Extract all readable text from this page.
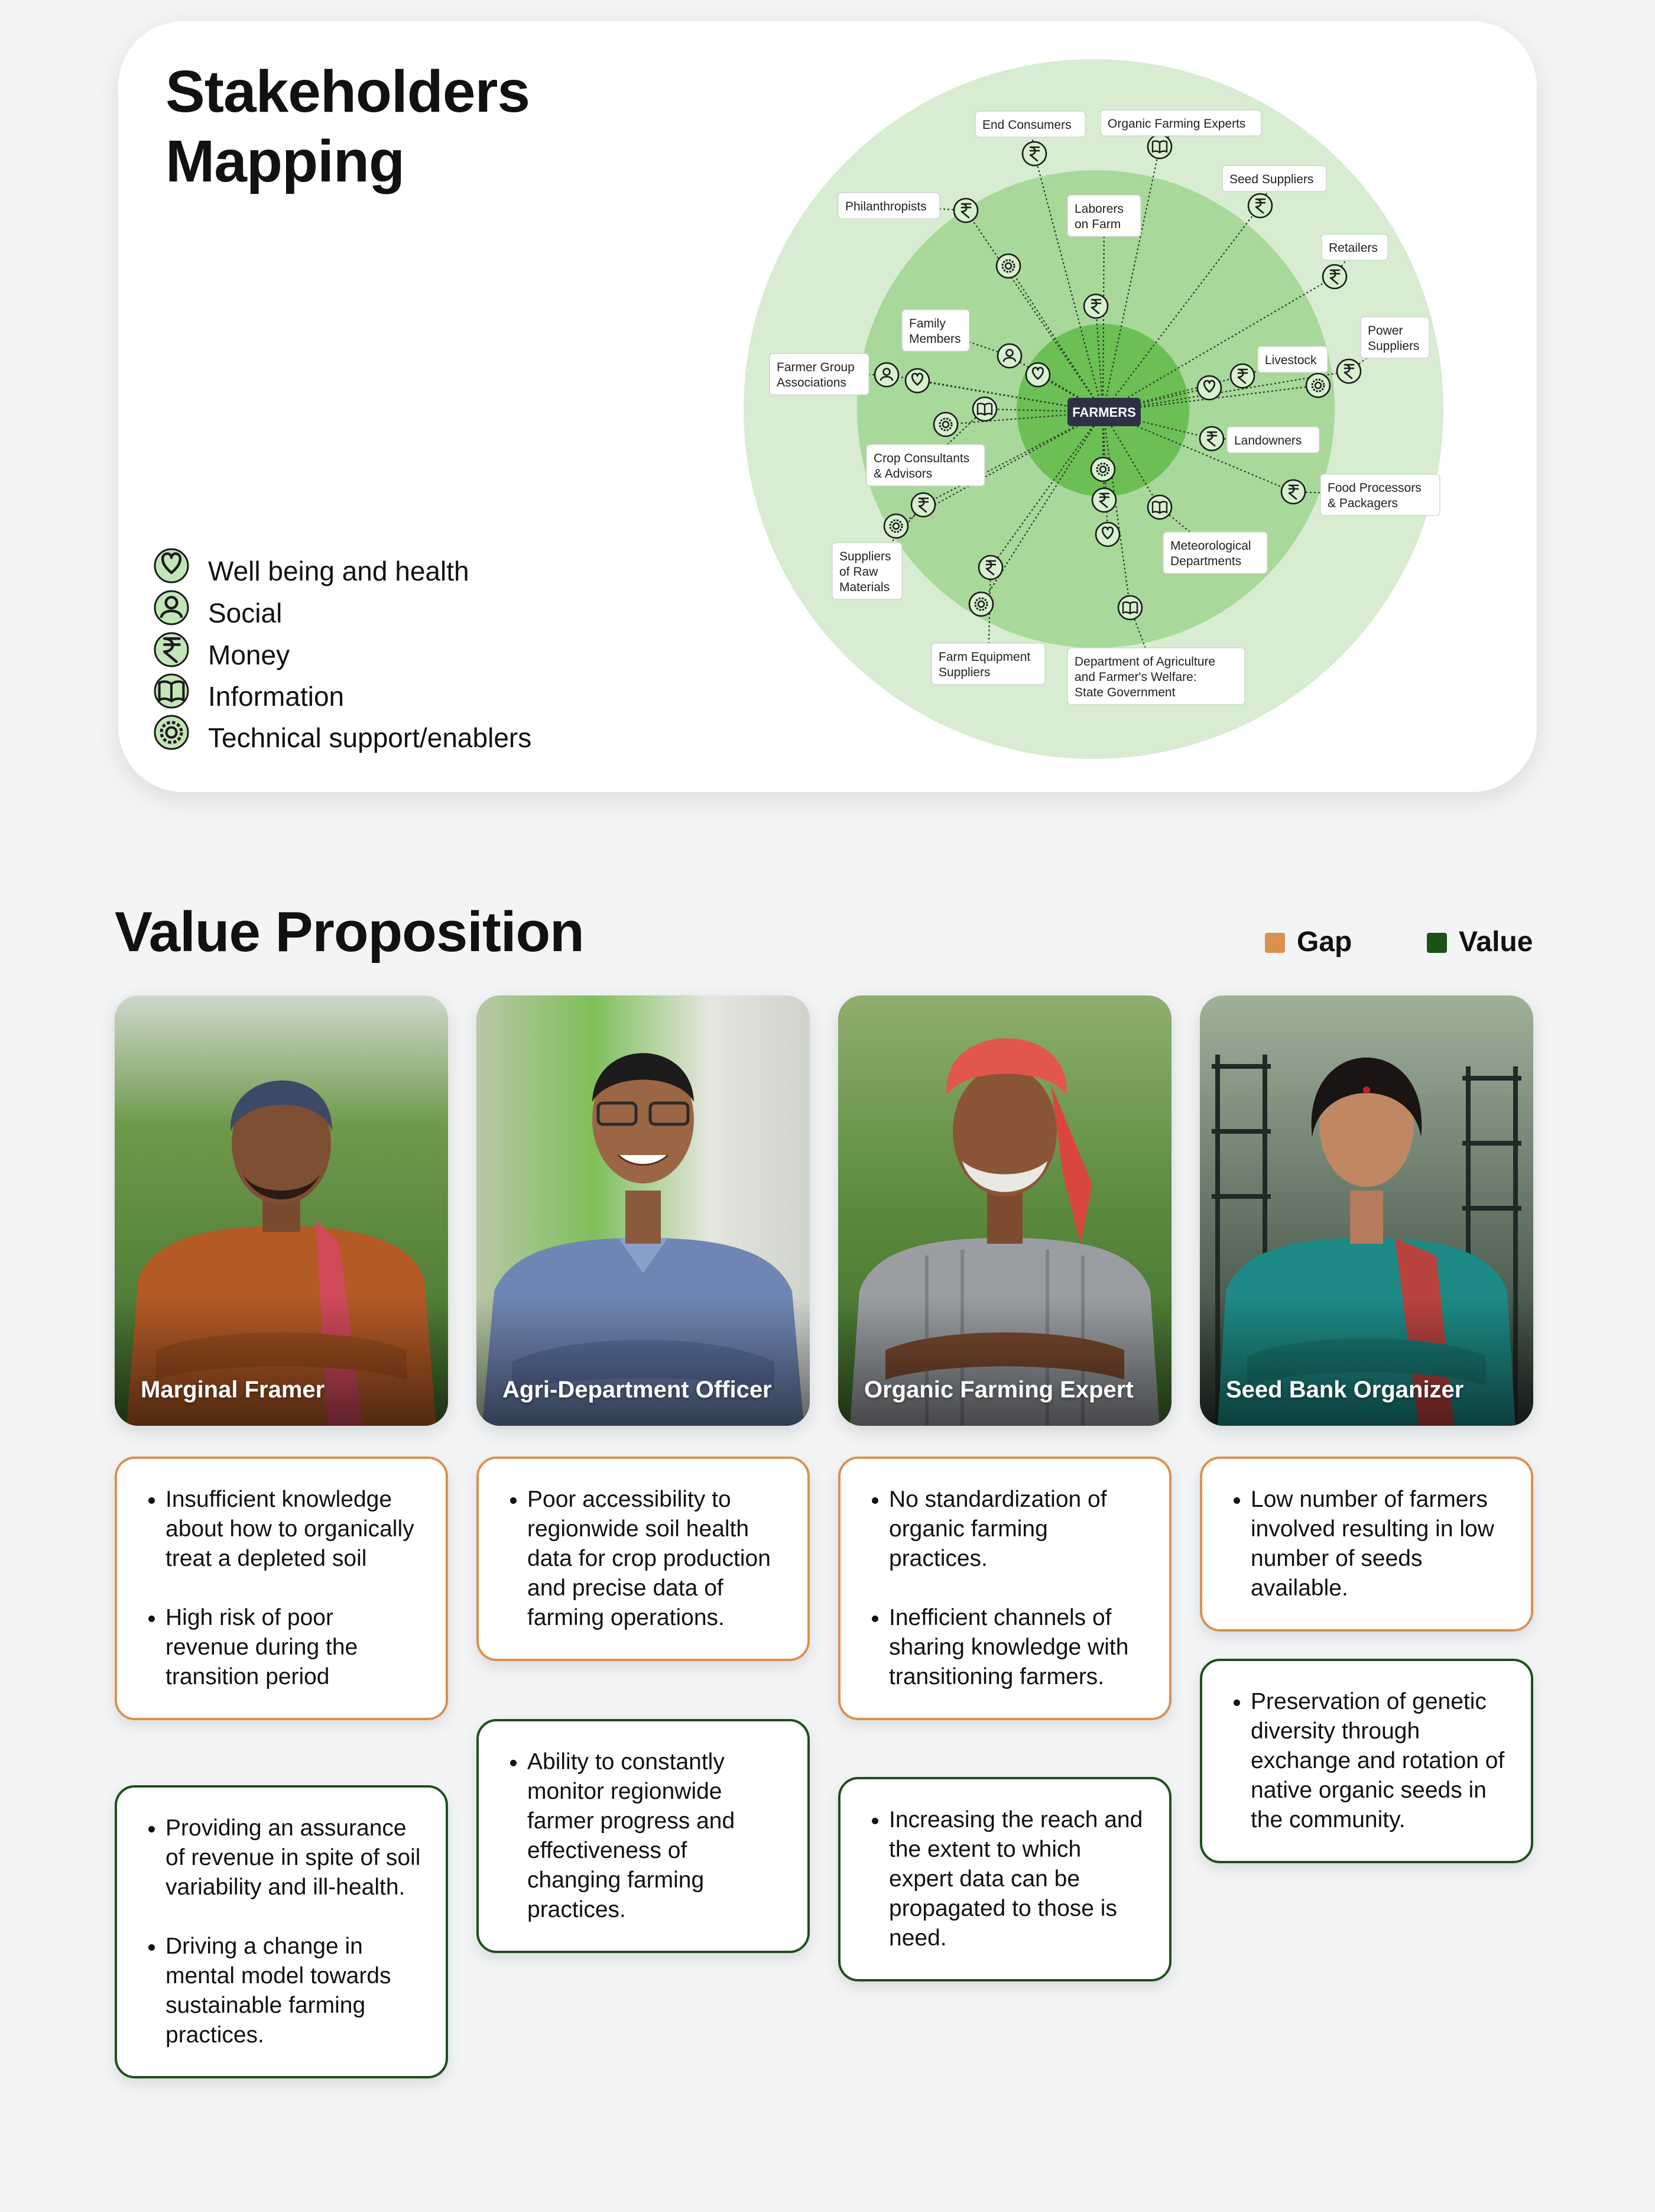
Stakeholders
Mapping
End Consumers	Organic Farming Experts
Seed Suppliers
Philanthropists	Laborers
on Farm
Retailers
Power
Suppliers
Family
Members
Livestock
Farmer Group
Associations
Landowners
Crop Consultants
& Advisors
Food Processors
& Packagers
Meteorological
Departments
Suppliers
of Raw
Materials
Farm Equipment
Suppliers
Department of Agriculture
and Farmer's Welfare:
State Government
FARMERS
Well being and health
Social
Money
Information
Technical support/enablers
Value Proposition	Gap	Value
Marginal Framer	Agri-Department Officer	Organic Farming Expert	Seed Bank Organizer
• Insufficient knowledge about how to organically treat a depleted soil
• High risk of poor revenue during the transition period
• Providing an assurance of revenue in spite of soil variability and ill-health.
• Driving a change in mental model towards sustainable farming practices.
• Poor accessibility to regionwide soil health data for crop production and precise data of farming operations.
• Ability to constantly monitor regionwide farmer progress and effectiveness of changing farming practices.
• No standardization of organic farming practices.
• Inefficient channels of sharing knowledge with transitioning farmers.
• Increasing the reach and the extent to which expert data can be propagated to those is need.
• Low number of farmers involved resulting in low number of seeds available.
• Preservation of genetic diversity through exchange and rotation of native organic seeds in the community.
